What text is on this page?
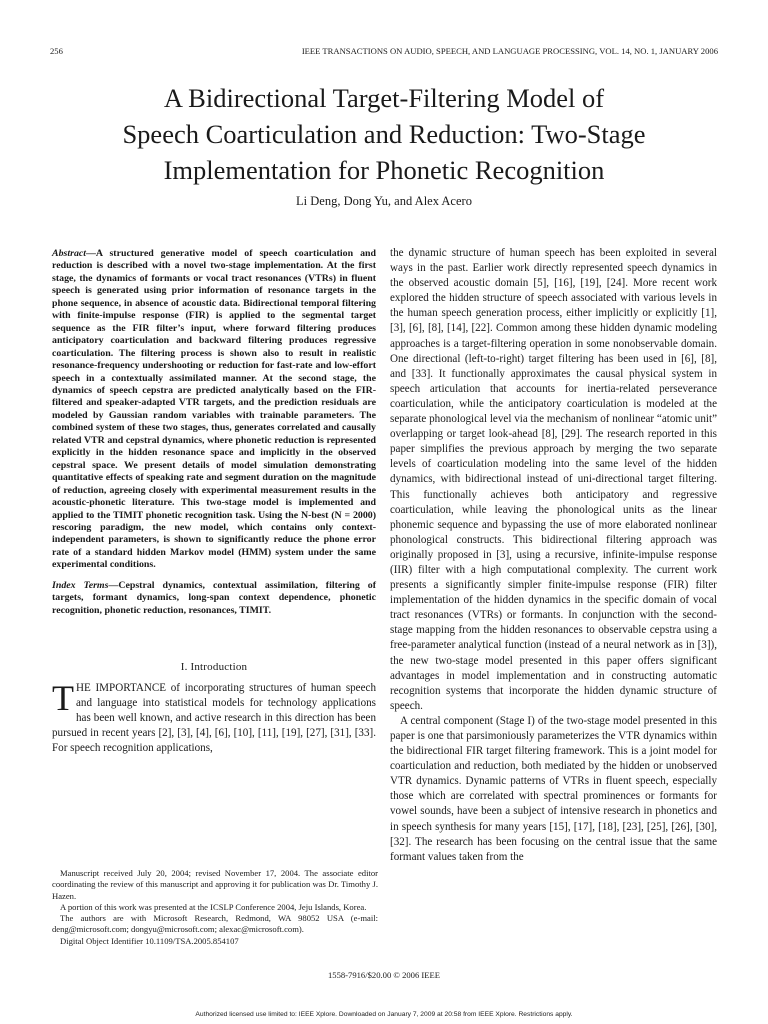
256	IEEE TRANSACTIONS ON AUDIO, SPEECH, AND LANGUAGE PROCESSING, VOL. 14, NO. 1, JANUARY 2006
A Bidirectional Target-Filtering Model of
Speech Coarticulation and Reduction: Two-Stage
Implementation for Phonetic Recognition
Li Deng, Dong Yu, and Alex Acero

Abstract—A structured generative model of speech coarticulation and reduction is described with a novel two-stage implementation. At the first stage, the dynamics of formants or vocal tract resonances (VTRs) in fluent speech is generated using prior information of resonance targets in the phone sequence, in absence of acoustic data. Bidirectional temporal filtering with finite-impulse response (FIR) is applied to the segmental target sequence as the FIR filter’s input, where forward filtering produces anticipatory coarticulation and backward filtering produces regressive coarticulation. The filtering process is shown also to result in realistic resonance-frequency undershooting or reduction for fast-rate and low-effort speech in a contextually assimilated manner. At the second stage, the dynamics of speech cepstra are predicted analytically based on the FIR-filtered and speaker-adapted VTR targets, and the prediction residuals are modeled by Gaussian random variables with trainable parameters. The combined system of these two stages, thus, generates correlated and causally related VTR and cepstral dynamics, where phonetic reduction is represented explicitly in the hidden resonance space and implicitly in the observed cepstral space. We present details of model simulation demonstrating quantitative effects of speaking rate and segment duration on the magnitude of reduction, agreeing closely with experimental measurement results in the acoustic-phonetic literature. This two-stage model is implemented and applied to the TIMIT phonetic recognition task. Using the N-best (N = 2000) rescoring paradigm, the new model, which contains only context-independent parameters, is shown to significantly reduce the phone error rate of a standard hidden Markov model (HMM) system under the same experimental conditions.

Index Terms—Cepstral dynamics, contextual assimilation, filtering of targets, formant dynamics, long-span context dependence, phonetic recognition, phonetic reduction, resonances, TIMIT.

I. Introduction

THE IMPORTANCE of incorporating structures of human speech and language into statistical models for technology applications has been well known, and active research in this direction has been pursued in recent years [2], [3], [4], [6], [10], [11], [19], [27], [31], [33]. For speech recognition applications,

Manuscript received July 20, 2004; revised November 17, 2004. The associate editor coordinating the review of this manuscript and approving it for publication was Dr. Timothy J. Hazen.

A portion of this work was presented at the ICSLP Conference 2004, Jeju Islands, Korea.

The authors are with Microsoft Research, Redmond, WA 98052 USA (e-mail: deng@microsoft.com; dongyu@microsoft.com; alexac@microsoft.com).

Digital Object Identifier 10.1109/TSA.2005.854107

the dynamic structure of human speech has been exploited in several ways in the past. Earlier work directly represented speech dynamics in the observed acoustic domain [5], [16], [19], [24]. More recent work explored the hidden structure of speech associated with various levels in the human speech generation process, either implicitly or explicitly [1], [3], [6], [8], [14], [22]. Common among these hidden dynamic modeling approaches is a target-filtering operation in some nonobservable domain. One directional (left-to-right) target filtering has been used in [6], [8], and [33]. It functionally approximates the causal physical system in speech articulation that accounts for inertia-related perseverance coarticulation, while the anticipatory coarticulation is modeled at the separate phonological level via the mechanism of nonlinear “atomic unit” overlapping or target look-ahead [8], [29]. The research reported in this paper simplifies the previous approach by merging the two separate levels of coarticulation modeling into the same level of the hidden dynamics, with bidirectional instead of uni-directional target filtering. This functionally achieves both anticipatory and regressive coarticulation, while leaving the phonological units as the linear phonemic sequence and bypassing the use of more elaborated nonlinear phonological constructs. This bidirectional filtering approach was originally proposed in [3], using a recursive, infinite-impulse response (IIR) filter with a high computational complexity. The current work presents a significantly simpler finite-impulse response (FIR) filter implementation of the hidden dynamics in the specific domain of vocal tract resonances (VTRs) or formants. In conjunction with the second-stage mapping from the hidden resonances to observable cepstra using a free-parameter analytical function (instead of a neural network as in [3]), the new two-stage model presented in this paper offers significant advantages in model implementation and in constructing automatic recognition systems that incorporate the hidden dynamic structure of speech.

A central component (Stage I) of the two-stage model presented in this paper is one that parsimoniously parameterizes the VTR dynamics within the bidirectional FIR target filtering framework. This is a joint model for coarticulation and reduction, both mediated by the hidden or unobserved VTR dynamics. Dynamic patterns of VTRs in fluent speech, especially those which are correlated with spectral prominences or formants for vowel sounds, have been a subject of intensive research in phonetics and in speech synthesis for many years [15], [17], [18], [23], [25], [26], [30], [32]. The research has been focusing on the central issue that the same formant values taken from the

1558-7916/$20.00 © 2006 IEEE
Authorized licensed use limited to: IEEE Xplore. Downloaded on January 7, 2009 at 20:58 from IEEE Xplore. Restrictions apply.
